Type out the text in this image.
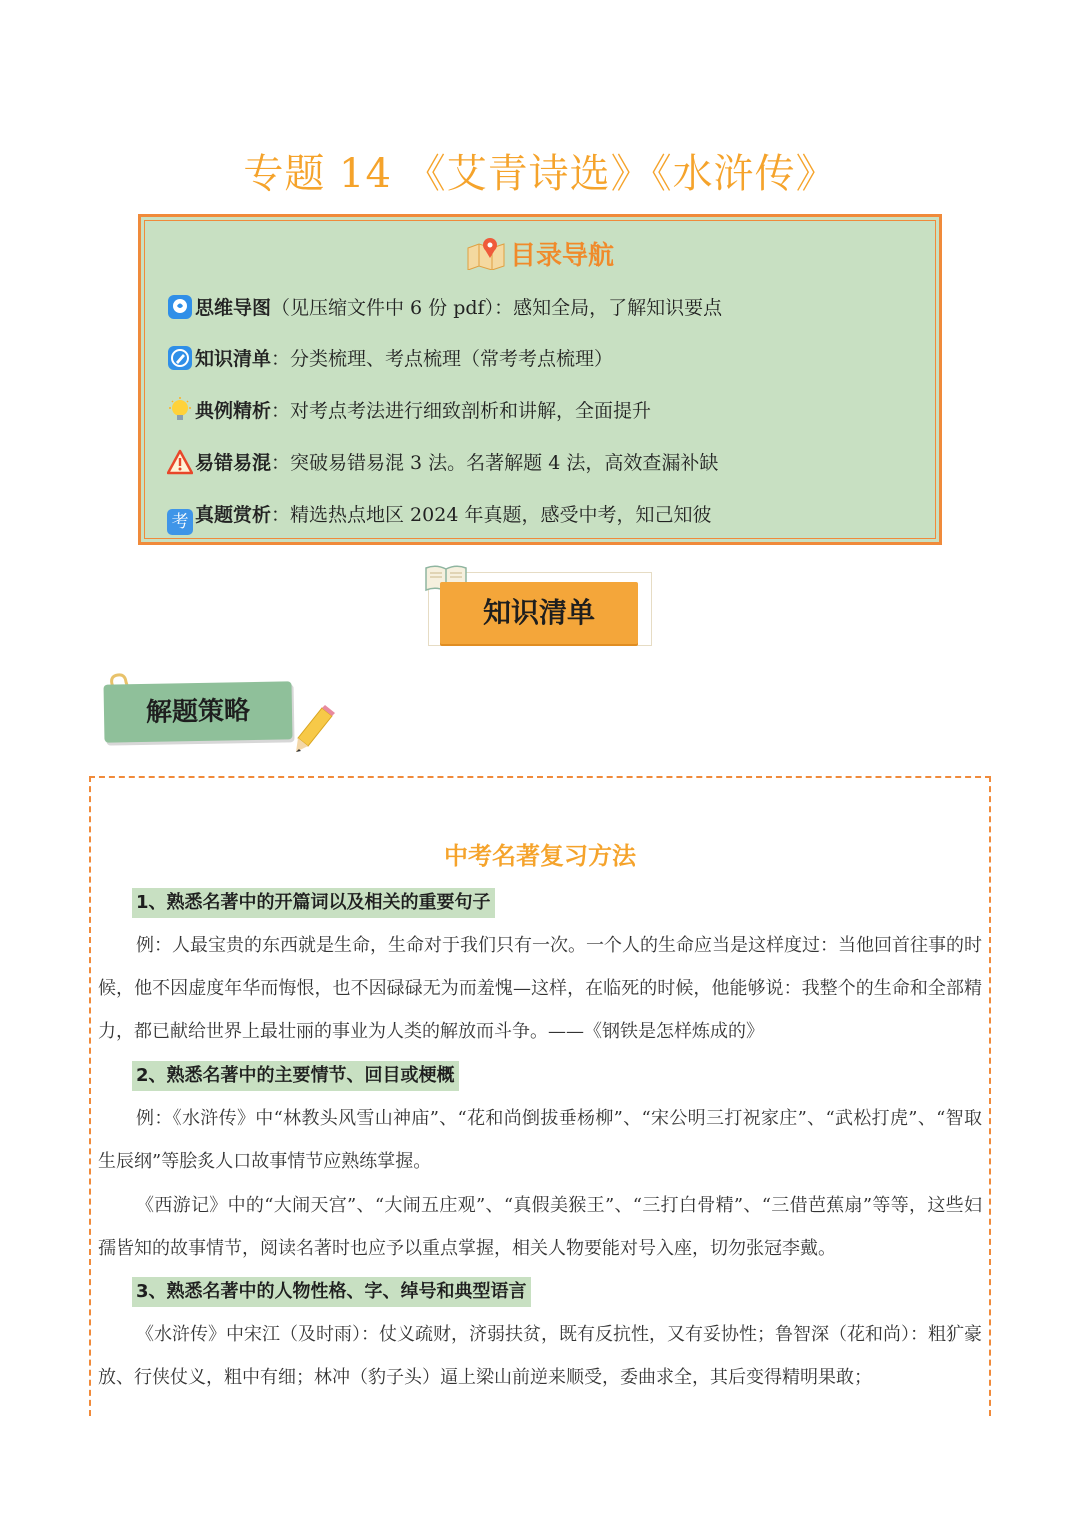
专题 14 《艾青诗选》《水浒传》
目录导航
思维导图（见压缩文件中 6 份 pdf）：感知全局，了解知识要点
知识清单：分类梳理、考点梳理（常考考点梳理）
典例精析：对考点考法进行细致剖析和讲解，全面提升
易错易混：突破易错易混 3 法。名著解题 4 法，高效查漏补缺
考 真题赏析：精选热点地区 2024 年真题，感受中考，知己知彼
知识清单
解题策略
中考名著复习方法
1、熟悉名著中的开篇词以及相关的重要句子
例：人最宝贵的东西就是生命，生命对于我们只有一次。一个人的生命应当是这样度过：当他回首往事的时候，他不因虚度年华而悔恨，也不因碌碌无为而羞愧—这样，在临死的时候，他能够说：我整个的生命和全部精力，都已献给世界上最壮丽的事业为人类的解放而斗争。——《钢铁是怎样炼成的》
2、熟悉名著中的主要情节、回目或梗概
例：《水浒传》中“林教头风雪山神庙”、“花和尚倒拔垂杨柳”、“宋公明三打祝家庄”、“武松打虎”、“智取生辰纲”等脍炙人口故事情节应熟练掌握。
《西游记》中的“大闹天宫”、“大闹五庄观”、“真假美猴王”、“三打白骨精”、“三借芭蕉扇”等等，这些妇孺皆知的故事情节，阅读名著时也应予以重点掌握，相关人物要能对号入座，切勿张冠李戴。
3、熟悉名著中的人物性格、字、绰号和典型语言
《水浒传》中宋江（及时雨）：仗义疏财，济弱扶贫，既有反抗性，又有妥协性；鲁智深（花和尚）：粗犷豪放、行侠仗义，粗中有细；林冲（豹子头）逼上梁山前逆来顺受，委曲求全，其后变得精明果敢；
